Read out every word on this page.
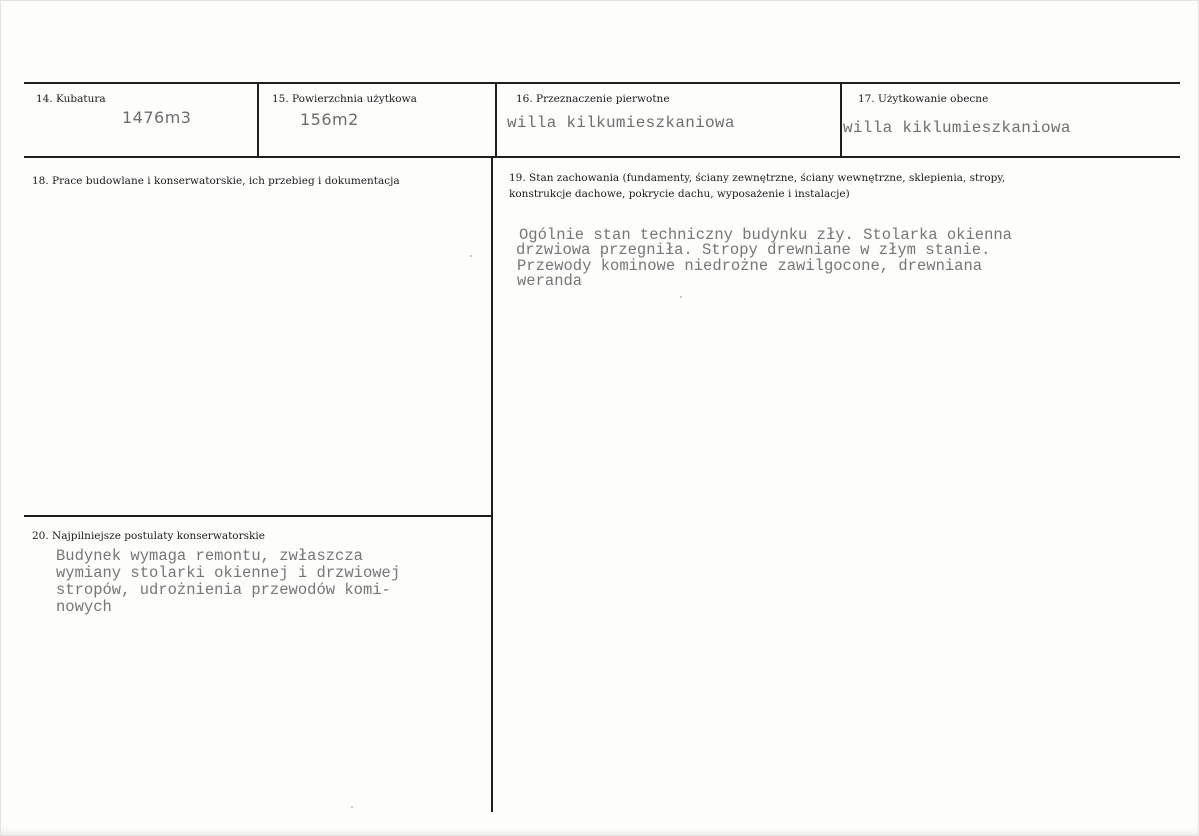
14. Kubatura
1476m3
15. Powierzchnia użytkowa
156m2
16. Przeznaczenie pierwotne
willa kilkumieszkaniowa
17. Użytkowanie obecne
willa kiklumieszkaniowa
18. Prace budowlane i konserwatorskie, ich przebieg i dokumentacja	19. Stan zachowania (fundamenty, ściany zewnętrzne, ściany wewnętrzne, sklepienia, stropy, konstrukcje dachowe, pokrycie dachu, wyposażenie i instalacje)
Ogólnie stan techniczny budynku zły. Stolarka okienna
drzwiowa przegniła. Stropy drewniane w złym stanie.
Przewody kominowe niedrożne zawilgocone, drewniana
weranda
20. Najpilniejsze postulaty konserwatorskie
Budynek wymaga remontu, zwłaszcza
wymiany stolarki okiennej i drzwiowej
stropów, udrożnienia przewodów komi-
nowych
